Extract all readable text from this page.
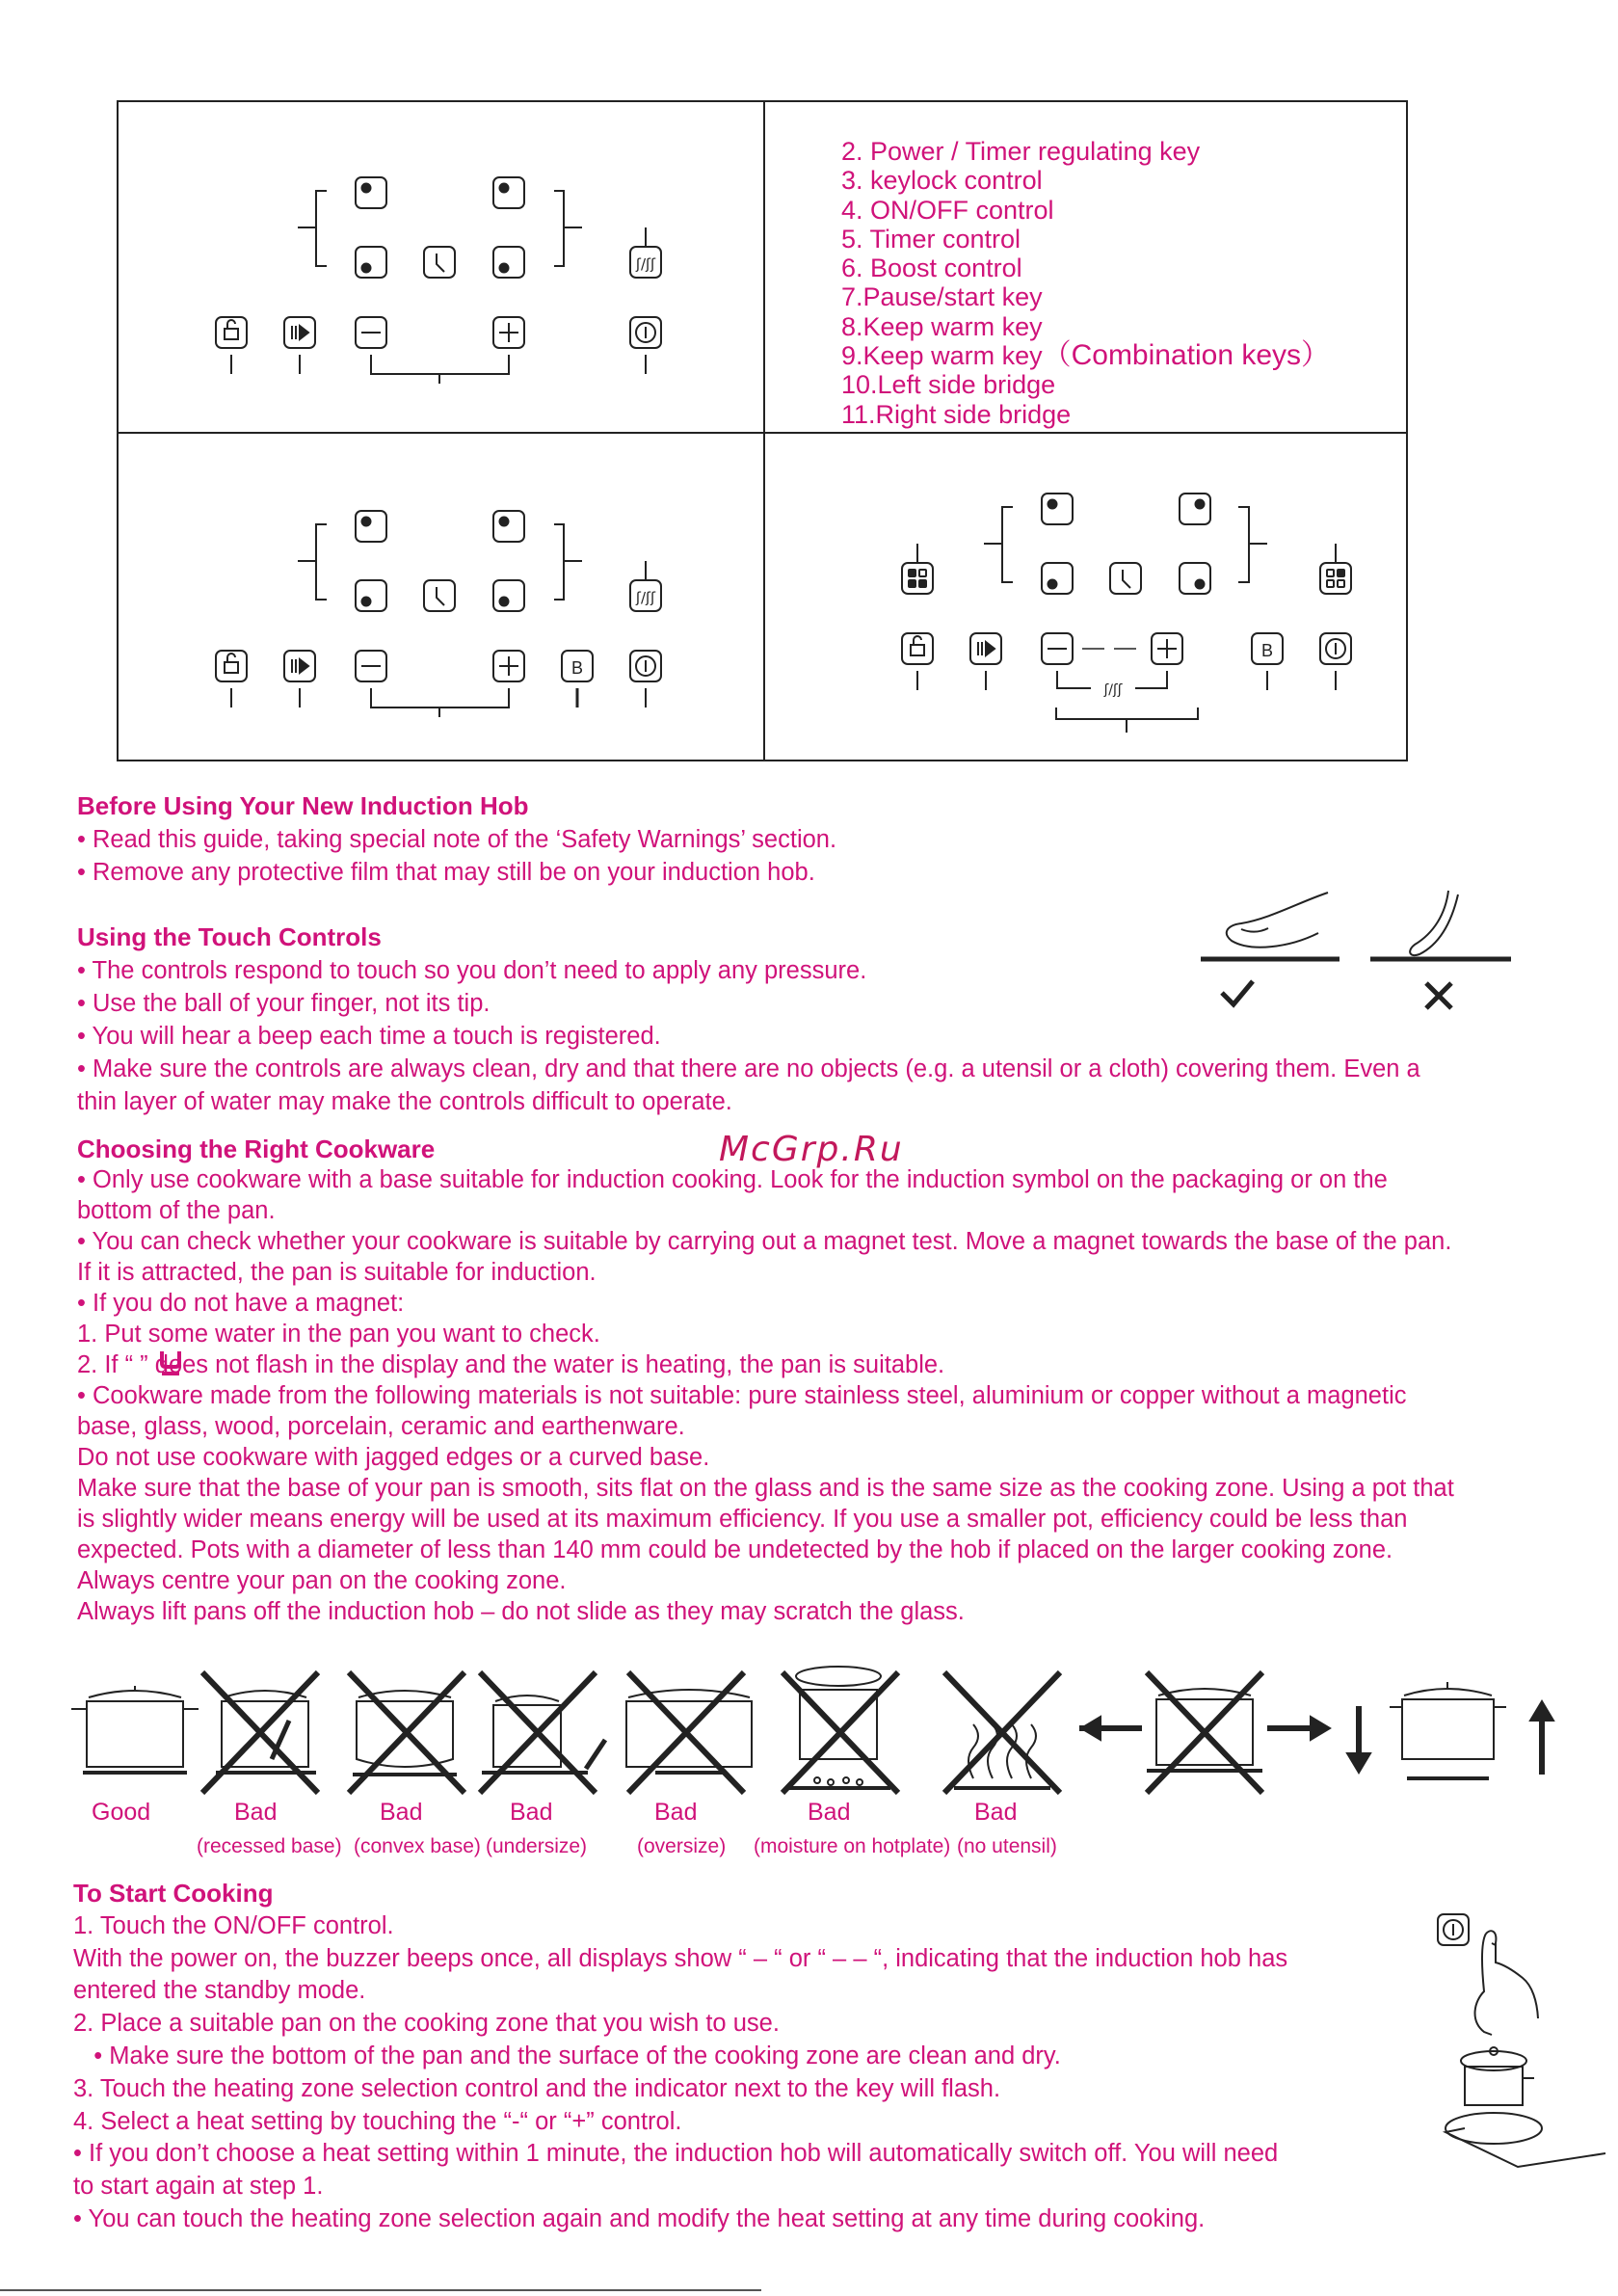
ʃ/ʃʃ
2. Power / Timer regulating key
3. keylock control
4. ON/OFF control
5. Timer control
6. Boost control
7.Pause/start key
8.Keep warm key
9.Keep warm key（Combination keys）
10.Left side bridge
11.Right side bridge
ʃ/ʃʃ
B
B
ʃ/ʃʃ
McGrp.Ru

Before Using Your New Induction Hob

• Read this guide, taking special note of the ‘Safety Warnings’ section.

• Remove any protective film that may still be on your induction hob.

Using the Touch Controls

• The controls respond to touch so you don’t need to apply any pressure.

• Use the ball of your finger, not its tip.

• You will hear a beep each time a touch is registered.

• Make sure the controls are always clean, dry and that there are no objects (e.g. a utensil or a cloth) covering them. Even a

thin layer of water may make the controls difficult to operate.

Choosing the Right Cookware

• Only use cookware with a base suitable for induction cooking. Look for the induction symbol on the packaging or on the

bottom of the pan.

• You can check whether your cookware is suitable by carrying out a magnet test. Move a magnet towards the base of the pan.

If it is attracted, the pan is suitable for induction.

• If you do not have a magnet:

1. Put some water in the pan you want to check.

2. If “ ” does not flash in the display and the water is heating, the pan is suitable.

• Cookware made from the following materials is not suitable: pure stainless steel, aluminium or copper without a magnetic

base, glass, wood, porcelain, ceramic and earthenware.

Do not use cookware with jagged edges or a curved base.

Make sure that the base of your pan is smooth, sits flat on the glass and is the same size as the cooking zone. Using a pot that

is slightly wider means energy will be used at its maximum efficiency. If you use a smaller pot, efficiency could be less than

expected. Pots with a diameter of less than 140 mm could be undetected by the hob if placed on the larger cooking zone.

Always centre your pan on the cooking zone.

Always lift pans off the induction hob – do not slide as they may scratch the glass.

Good	Bad	Bad	Bad	Bad	Bad	Bad
(recessed base) (convex base) (undersize) (oversize) (moisture on hotplate) (no utensil)

To Start Cooking

1. Touch the ON/OFF control.

With the power on, the buzzer beeps once, all displays show “ – “ or “ – – “, indicating that the induction hob has

entered the standby mode.

2. Place a suitable pan on the cooking zone that you wish to use.

• Make sure the bottom of the pan and the surface of the cooking zone are clean and dry.

3. Touch the heating zone selection control and the indicator next to the key will flash.

4. Select a heat setting by touching the “-“ or “+” control.

• If you don’t choose a heat setting within 1 minute, the induction hob will automatically switch off. You will need

to start again at step 1.

• You can touch the heating zone selection again and modify the heat setting at any time during cooking.
